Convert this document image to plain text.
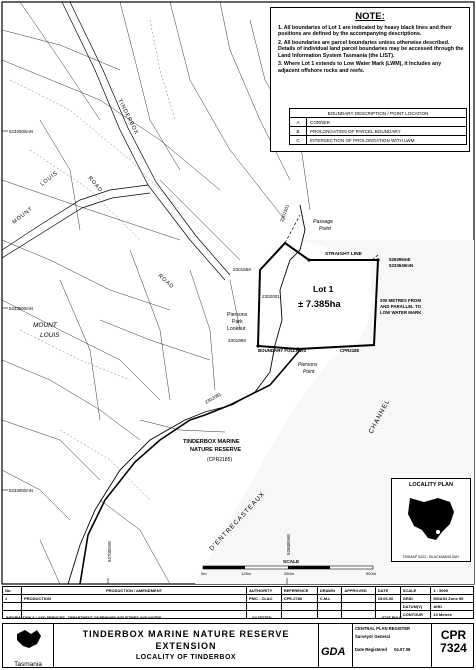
TINDERBOX
MOUNT
LOUIS	ROAD
ROAD
MOUNT
LOUIS
Lot 1
± 7.385ha
Passage
Point
STRAIGHT LINE
526395mE
5233649mN
200 METRES FROM
AND PARALLEL TO
LOW WATER MARK
BOUNDARY FOLLOWS	CPR2185
Piersons
Park
Lookout
Piersons
Point
2301558
2302001
2301969
2301501
2302081
TINDERBOX MARINE
NATURE RESERVE
(CPR2185)
CHANNEL
D'ENTRECASTEAUX
5234000mN
5233500mN
5233000mN
527000mE	526500mE
SCALE
0m	125m	250m	500m
NOTE:
1. All boundaries of Lot 1 are indicated by heavy black lines and their positions are defined by the accompanying descriptions.
2. All boundaries are parcel boundaries unless otherwise described. Details of individual land parcel boundaries may be accessed through the Land Information System Tasmania (the LIST).
3. Where Lot 1 extends to Low Water Mark (LWM), it includes any adjacent offshore rocks and reefs.
BOUNDARY DESCRIPTION / POINT LOCATION	
A	CORNER
B	PROLONGATION OF PARCEL BOUNDARY
C	INTERSECTION OF PROLONGATION WITH LWM
LOCALITY PLAN
TASMAP 5223 - BLACKMANS BAY
No.	PRODUCTION / AMENDMENT	AUTHORITY	REFERENCE	DRAWN	APPROVED	DATE	SCALE	1 : 5000
1	PRODUCTION	PMC - CLAC	CPE-2780	C.M.L		19.06.06	GRID	MGA94 Zone 55
							DATUM(V)	AHD
							CONTOUR	10 Metres
INFORMATION & LAND SERVICES - DEPARTMENT OF PRIMARY INDUSTRIES AND WATER.	GAZETTED:	STAT RULE
Tasmania
TINDERBOX MARINE NATURE RESERVE
EXTENSION
LOCALITY OF TINDERBOX	GDA
CENTRAL PLAN REGISTER
Surveyor General
Date Registered 04.07.06
CPR
7324
